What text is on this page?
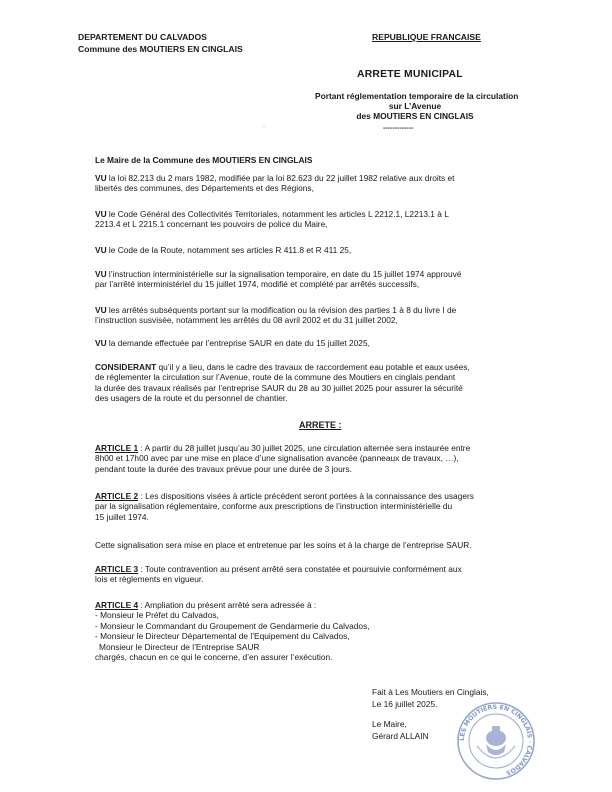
DEPARTEMENT DU CALVADOS
Commune des MOUTIERS EN CINGLAIS
REPUBLIQUE FRANCAISE
ARRETE MUNICIPAL
Portant réglementation temporaire de la circulation
sur L’Avenue
des MOUTIERS EN CINGLAIS
-------------
Le Maire de la Commune des MOUTIERS EN CINGLAIS
VU la loi 82.213 du 2 mars 1982, modifiée par la loi 82.623 du 22 juillet 1982 relative aux droits et
libertés des communes, des Départements et des Régions,
VU le Code Général des Collectivités Territoriales, notamment les articles L 2212.1, L2213.1 à L
2213.4 et L 2215.1 concernant les pouvoirs de police du Maire,
VU le Code de la Route, notamment ses articles R 411.8 et R 411 25,
VU l’instruction interministérielle sur la signalisation temporaire, en date du 15 juillet 1974 approuvé
par l’arrêté interministériel du 15 juillet 1974, modifié et complété par arrêtés successifs,
VU les arrêtés subséquents portant sur la modification ou la révision des parties 1 à 8 du livre I de
l’instruction susvisée, notamment les arrêtés du 08 avril 2002 et du 31 juillet 2002,
VU la demande effectuée par l’entreprise SAUR en date du 15 juillet 2025,
CONSIDERANT qu’il y a lieu, dans le cadre des travaux de raccordement eau potable et eaux usées,
de réglementer la circulation sur l’Avenue, route de la commune des Moutiers en cinglais pendant
la durée des travaux réalisés par l’entreprise SAUR du 28 au 30 juillet 2025 pour assurer la sécurité
des usagers de la route et du personnel de chantier.
ARRETE :
ARTICLE 1 : A partir du 28 juillet jusqu’au 30 juillet 2025, une circulation alternée sera instaurée entre
8h00 et 17h00 avec par une mise en place d’une signalisation avancée (panneaux de travaux, …),
pendant toute la durée des travaux prévue pour une durée de 3 jours.
ARTICLE 2 : Les dispositions visées à article précédent seront portées à la connaissance des usagers
par la signalisation réglementaire, conforme aux prescriptions de l’instruction interministérielle du
15 juillet 1974.
Cette signalisation sera mise en place et entretenue par les soins et à la charge de l’entreprise SAUR.
ARTICLE 3 : Toute contravention au présent arrêté sera constatée et poursuivie conformément aux
lois et règlements en vigueur.
ARTICLE 4 : Ampliation du présent arrêté sera adressée à :
- Monsieur le Préfet du Calvados,
- Monsieur le Commandant du Groupement de Gendarmerie du Calvados,
- Monsieur le Directeur Départemental de l’Equipement du Calvados,
Monsieur le Directeur de l’Entreprise SAUR
chargés, chacun en ce qui le concerne, d’en assurer l’exécution.
Fait à Les Moutiers en Cinglais,
Le 16 juillet 2025.
Le Maire,
Gérard ALLAIN	LES MOUTIERS EN CINGLAIS · CALVADOS
·
